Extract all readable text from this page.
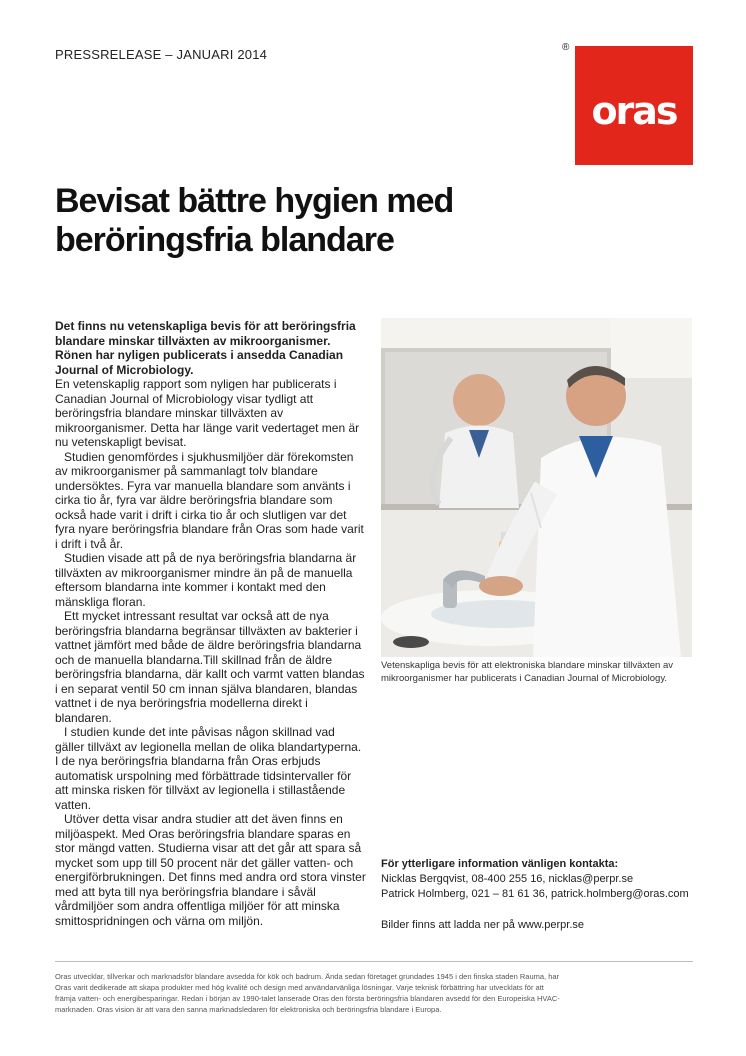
PRESSRELEASE – JANUARI 2014	®
oras
Bevisat bättre hygien med
beröringsfria blandare

Det finns nu vetenskapliga bevis för att beröringsfria blandare minskar tillväxten av mikroorganismer. Rönen har nyligen publicerats i ansedda Canadian Journal of Microbiology.

En vetenskaplig rapport som nyligen har publicerats i Canadian Journal of Microbiology visar tydligt att beröringsfria blandare minskar tillväxten av mikroorganismer. Detta har länge varit vedertaget men är nu vetenskapligt bevisat.

Studien genomfördes i sjukhusmiljöer där förekomsten av mikroorganismer på sammanlagt tolv blandare undersöktes. Fyra var manuella blandare som använts i cirka tio år, fyra var äldre beröringsfria blandare som också hade varit i drift i cirka tio år och slutligen var det fyra nyare beröringsfria blandare från Oras som hade varit i drift i två år.

Studien visade att på de nya beröringsfria blandarna är tillväxten av mikroorganismer mindre än på de manuella eftersom blandarna inte kommer i kontakt med den mänskliga floran.

Ett mycket intressant resultat var också att de nya beröringsfria blandarna begränsar tillväxten av bakterier i vattnet jämfört med både de äldre beröringsfria blandarna och de manuella blandarna.Till skillnad från de äldre beröringsfria blandarna, där kallt och varmt vatten blandas i en separat ventil 50 cm innan själva blandaren, blandas vattnet i de nya beröringsfria modellerna direkt i blandaren.

I studien kunde det inte påvisas någon skillnad vad gäller tillväxt av legionella mellan de olika blandartyperna. I de nya beröringsfria blandarna från Oras erbjuds automatisk urspolning med förbättrade tidsintervaller för att minska risken för tillväxt av legionella i stillastående vatten.

Utöver detta visar andra studier att det även finns en miljöaspekt. Med Oras beröringsfria blandare sparas en stor mängd vatten. Studierna visar att det går att spara så mycket som upp till 50 procent när det gäller vatten- och energiförbrukningen. Det finns med andra ord stora vinster med att byta till nya beröringsfria blandare i såväl vårdmiljöer som andra offentliga miljöer för att minska smittospridningen och värna om miljön.

Vetenskapliga bevis för att elektroniska blandare minskar tillväxten av mikroorganismer har publicerats i Canadian Journal of Microbiology.
För ytterligare information vänligen kontakta:
Nicklas Bergqvist, 08-400 255 16, nicklas@perpr.se
Patrick Holmberg, 021 – 81 61 36, patrick.holmberg@oras.com
Bilder finns att ladda ner på www.perpr.se
Oras utvecklar, tillverkar och marknadsför blandare avsedda för kök och badrum. Ända sedan företaget grundades 1945 i den finska staden Rauma, har Oras varit dedikerade att skapa produkter med hög kvalité och design med användarvänliga lösningar. Varje teknisk förbättring har utvecklats för att främja vatten- och energibesparingar. Redan i början av 1990-talet lanserade Oras den första beröringsfria blandaren avsedd för den Europeiska HVAC-marknaden. Oras vision är att vara den sanna marknadsledaren för elektroniska och beröringsfria blandare i Europa.
